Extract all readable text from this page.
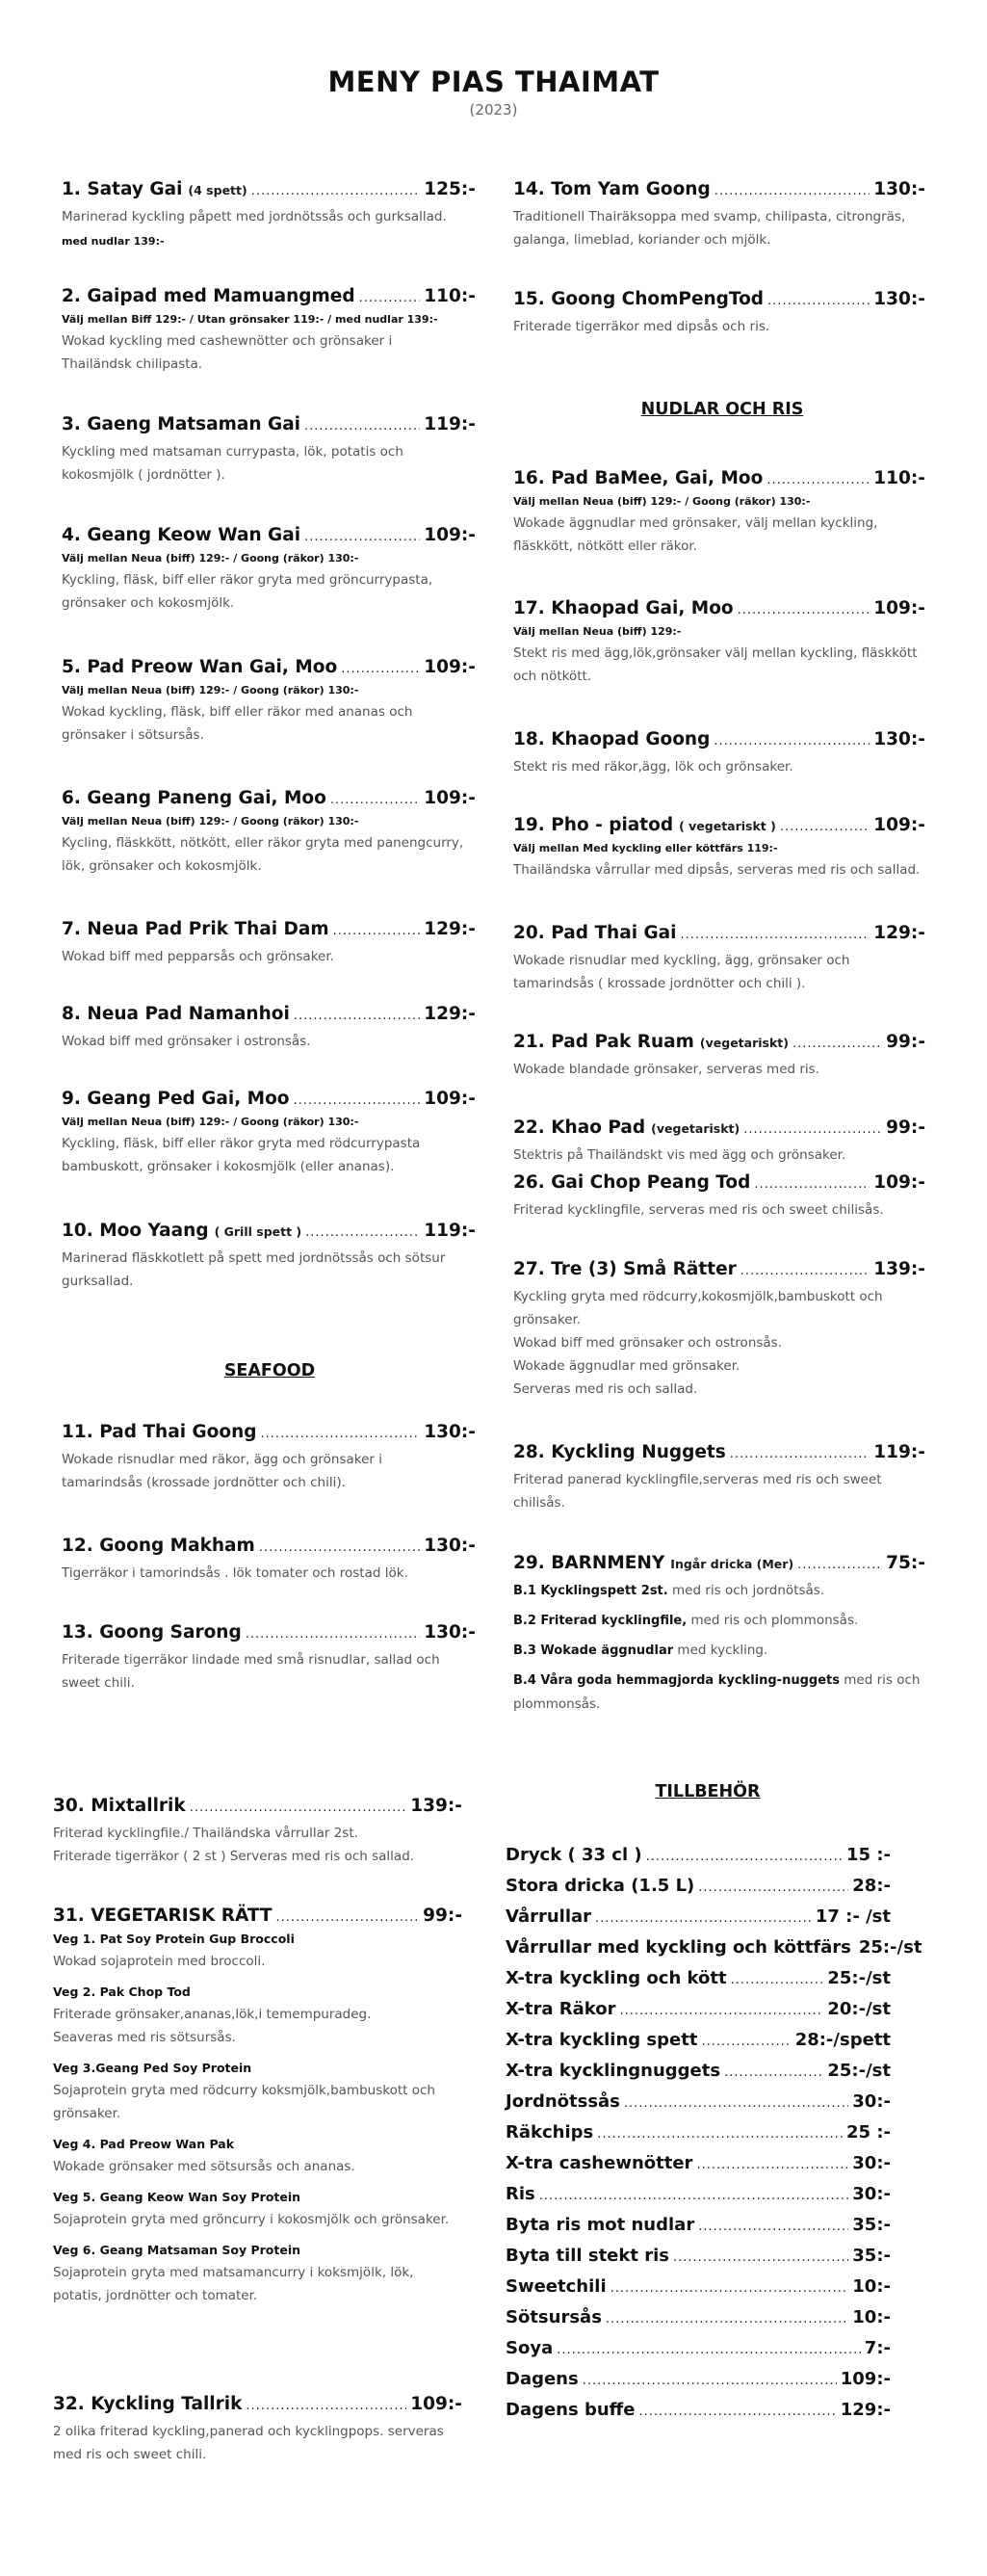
MENY PIAS THAIMAT
(2023)
1. Satay Gai (4 spett) .....	125:-
Marinerad kyckling påpett med jordnötssås och gurksallad.
med nudlar 139:-
2. Gaipad med Mamuangmed .....	110:-
Välj mellan Biff 129:- / Utan grönsaker 119:- / med nudlar 139:-
Wokad kyckling med cashewnötter och grönsaker i
Thailändsk chilipasta.
3. Gaeng Matsaman Gai .....	119:-
Kyckling med matsaman currypasta, lök, potatis och
kokosmjölk ( jordnötter ).
4. Geang Keow Wan Gai .....	109:-
Välj mellan Neua (biff) 129:- / Goong (räkor) 130:-
Kyckling, fläsk, biff eller räkor gryta med gröncurrypasta,
grönsaker och kokosmjölk.
5. Pad Preow Wan Gai, Moo .....	109:-
Välj mellan Neua (biff) 129:- / Goong (räkor) 130:-
Wokad kyckling, fläsk, biff eller räkor med ananas och
grönsaker i sötsursås.
6. Geang Paneng Gai, Moo .....	109:-
Välj mellan Neua (biff) 129:- / Goong (räkor) 130:-
Kycling, fläskkött, nötkött, eller räkor gryta med panengcurry,
lök, grönsaker och kokosmjölk.
7. Neua Pad Prik Thai Dam .....	129:-
Wokad biff med pepparsås och grönsaker.
8. Neua Pad Namanhoi .....	129:-
Wokad biff med grönsaker i ostronsås.
9. Geang Ped Gai, Moo .....	109:-
Välj mellan Neua (biff) 129:- / Goong (räkor) 130:-
Kyckling, fläsk, biff eller räkor gryta med rödcurrypasta
bambuskott, grönsaker i kokosmjölk (eller ananas).
10. Moo Yaang ( Grill spett ) .....	119:-
Marinerad fläskkotlett på spett med jordnötssås och sötsur
gurksallad.
SEAFOOD
11. Pad Thai Goong .....	130:-
Wokade risnudlar med räkor, ägg och grönsaker i
tamarindsås (krossade jordnötter och chili).
12. Goong Makham .....	130:-
Tigerräkor i tamorindsås . lök tomater och rostad lök.
13. Goong Sarong .....	130:-
Friterade tigerräkor lindade med små risnudlar, sallad och
sweet chili.
14. Tom Yam Goong .....	130:-
Traditionell Thairäksoppa med svamp, chilipasta, citrongräs,
galanga, limeblad, koriander och mjölk.
15. Goong ChomPengTod .....	130:-
Friterade tigerräkor med dipsås och ris.
NUDLAR OCH RIS
16. Pad BaMee, Gai, Moo .....	110:-
Välj mellan Neua (biff) 129:- / Goong (räkor) 130:-
Wokade äggnudlar med grönsaker, välj mellan kyckling,
fläskkött, nötkött eller räkor.
17. Khaopad Gai, Moo .....	109:-
Välj mellan Neua (biff) 129:-
Stekt ris med ägg,lök,grönsaker välj mellan kyckling, fläskkött
och nötkött.
18. Khaopad Goong .....	130:-
Stekt ris med räkor,ägg, lök och grönsaker.
19. Pho - piatod ( vegetariskt ) .....	109:-
Välj mellan Med kyckling eller köttfärs 119:-
Thailändska vårrullar med dipsås, serveras med ris och sallad.
20. Pad Thai Gai .....	129:-
Wokade risnudlar med kyckling, ägg, grönsaker och
tamarindsås ( krossade jordnötter och chili ).
21. Pad Pak Ruam (vegetariskt) .....	99:-
Wokade blandade grönsaker, serveras med ris.
22. Khao Pad (vegetariskt) .....	99:-
Stektris på Thailändskt vis med ägg och grönsaker.
26. Gai Chop Peang Tod .....	109:-
Friterad kycklingfile, serveras med ris och sweet chilisås.
27. Tre (3) Små Rätter .....	139:-
Kyckling gryta med rödcurry,kokosmjölk,bambuskott och
grönsaker.
Wokad biff med grönsaker och ostronsås.
Wokade äggnudlar med grönsaker.
Serveras med ris och sallad.
28. Kyckling Nuggets .....	119:-
Friterad panerad kycklingfile,serveras med ris och sweet
chilisås.
29. BARNMENY Ingår dricka (Mer) .....	75:-
B.1 Kycklingspett 2st. med ris och jordnötsås.
B.2 Friterad kycklingfile, med ris och plommonsås.
B.3 Wokade äggnudlar med kyckling.
B.4 Våra goda hemmagjorda kyckling-nuggets med ris och plommonsås.
30. Mixtallrik .....	139:-
Friterad kycklingfile./ Thailändska vårrullar 2st.
Friterade tigerräkor ( 2 st ) Serveras med ris och sallad.
31. VEGETARISK RÄTT .....	99:-
Veg 1. Pat Soy Protein Gup Broccoli
Wokad sojaprotein med broccoli.
Veg 2. Pak Chop Tod
Friterade grönsaker,ananas,lök,i temempuradeg.
Seaveras med ris sötsursås.
Veg 3.Geang Ped Soy Protein
Sojaprotein gryta med rödcurry koksmjölk,bambuskott och
grönsaker.
Veg 4. Pad Preow Wan Pak
Wokade grönsaker med sötsursås och ananas.
Veg 5. Geang Keow Wan Soy Protein
Sojaprotein gryta med gröncurry i kokosmjölk och grönsaker.
Veg 6. Geang Matsaman Soy Protein
Sojaprotein gryta med matsamancurry i koksmjölk, lök,
potatis, jordnötter och tomater.
32. Kyckling Tallrik .....	109:-
2 olika friterad kyckling,panerad och kycklingpops. serveras
med ris och sweet chili.
TILLBEHÖR
Dryck ( 33 cl ) .....	15 :-
Stora dricka (1.5 L) .....	28:-
Vårrullar .....	17 :- /st
Vårrullar med kyckling och köttfärs 25:-/st
X-tra kyckling och kött .....	25:-/st
X-tra Räkor .....	20:-/st
X-tra kyckling spett .....	28:-/spett
X-tra kycklingnuggets .....	25:-/st
Jordnötssås .....	30:-
Räkchips .....	25 :-
X-tra cashewnötter .....	30:-
Ris .....	30:-
Byta ris mot nudlar .....	35:-
Byta till stekt ris .....	35:-
Sweetchili .....	10:-
Sötsursås .....	10:-
Soya .....	7:-
Dagens .....	109:-
Dagens buffe .....	129:-
